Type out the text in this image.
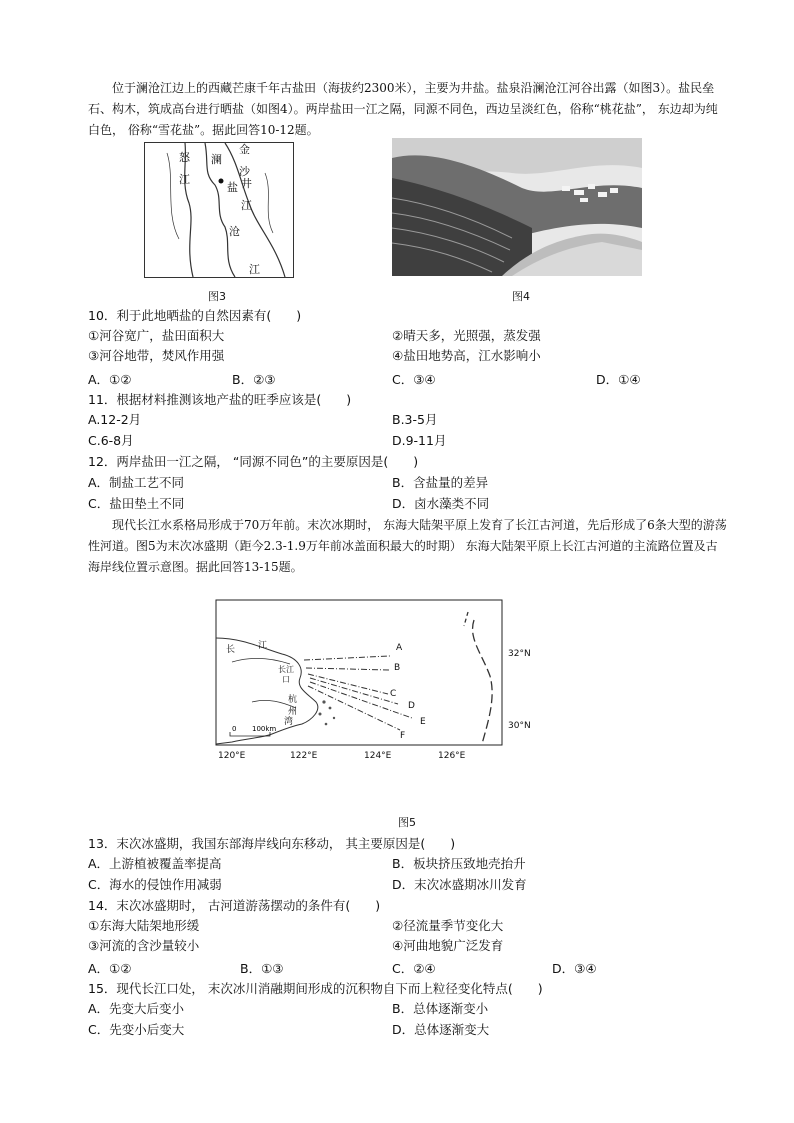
位于澜沧江边上的西藏芒康千年古盐田（海拔约2300米），主要为井盐。盐泉沿澜沧江河谷出露（如图3）。盐民垒石、构木，筑成高台进行晒盐（如图4）。两岸盐田一江之隔，同源不同色，西边呈淡红色，俗称“桃花盐”， 东边却为纯白色， 俗称“雪花盐”。据此回答10-12题。
怒 澜
金
沙
江
盐 井
江
沧
江
图3	图4
10．利于此地晒盐的自然因素有(　　)
①河谷宽广，盐田面积大	②晴天多，光照强，蒸发强
③河谷地带，焚风作用强	④盐田地势高，江水影响小
A．①②	B．②③	C．③④	D．①④
11．根据材料推测该地产盐的旺季应该是(　　)
A.12-2月	B.3-5月
C.6-8月	D.9-11月
12．两岸盐田一江之隔， “同源不同色”的主要原因是(　　)
A．制盐工艺不同	B．含盐量的差异
C．盐田垫土不同	D．卤水藻类不同
现代长江水系格局形成于70万年前。末次冰期时， 东海大陆架平原上发育了长江古河道，先后形成了6条大型的游荡性河道。图5为末次冰盛期（距今2.3-1.9万年前冰盖面积最大的时期） 东海大陆架平原上长江古河道的主流路位置及古海岸线位置示意图。据此回答13-15题。
0 100km
长	江
长江
口
杭
州
湾
A
B
C
D
E
F
32°N
30°N
120°E	122°E	124°E	126°E
图5
13．末次冰盛期，我国东部海岸线向东移动， 其主要原因是(　　)
A．上游植被覆盖率提高	B．板块挤压致地壳抬升
C．海水的侵蚀作用减弱	D．末次冰盛期冰川发育
14．末次冰盛期时， 古河道游荡摆动的条件有(　　)
①东海大陆架地形缓	②径流量季节变化大
③河流的含沙量较小	④河曲地貌广泛发育
A．①②	B．①③	C．②④	D．③④
15．现代长江口处， 末次冰川消融期间形成的沉积物自下而上粒径变化特点(　　)
A．先变大后变小	B．总体逐渐变小
C．先变小后变大	D．总体逐渐变大
